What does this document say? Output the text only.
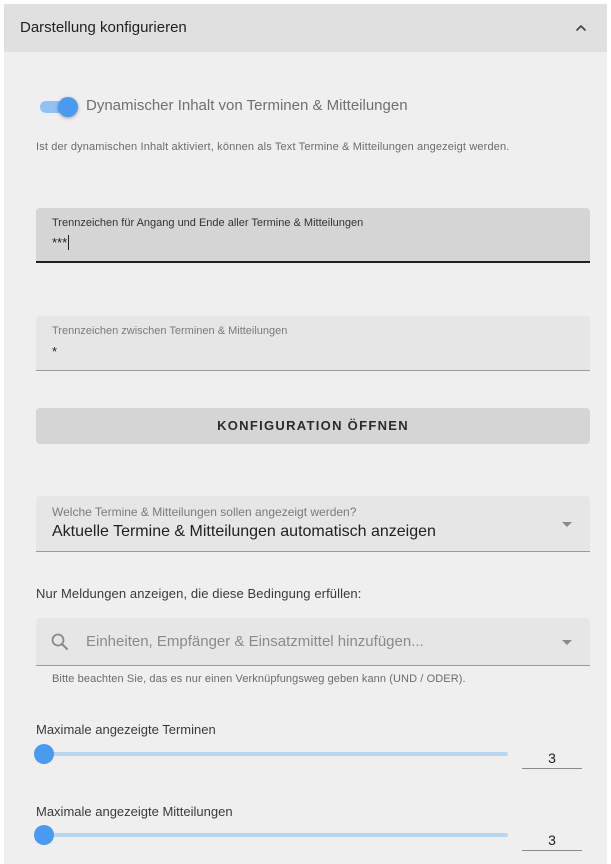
Darstellung konfigurieren
Dynamischer Inhalt von Terminen & Mitteilungen
Ist der dynamischen Inhalt aktiviert, können als Text Termine & Mitteilungen angezeigt werden.
Trennzeichen für Angang und Ende aller Termine & Mitteilungen
***
Trennzeichen zwischen Terminen & Mitteilungen
*
KONFIGURATION ÖFFNEN
Welche Termine & Mitteilungen sollen angezeigt werden?
Aktuelle Termine & Mitteilungen automatisch anzeigen
Nur Meldungen anzeigen, die diese Bedingung erfüllen:
Einheiten, Empfänger & Einsatzmittel hinzufügen...
Bitte beachten Sie, das es nur einen Verknüpfungsweg geben kann (UND / ODER).
Maximale angezeigte Terminen
3
Maximale angezeigte Mitteilungen
3
